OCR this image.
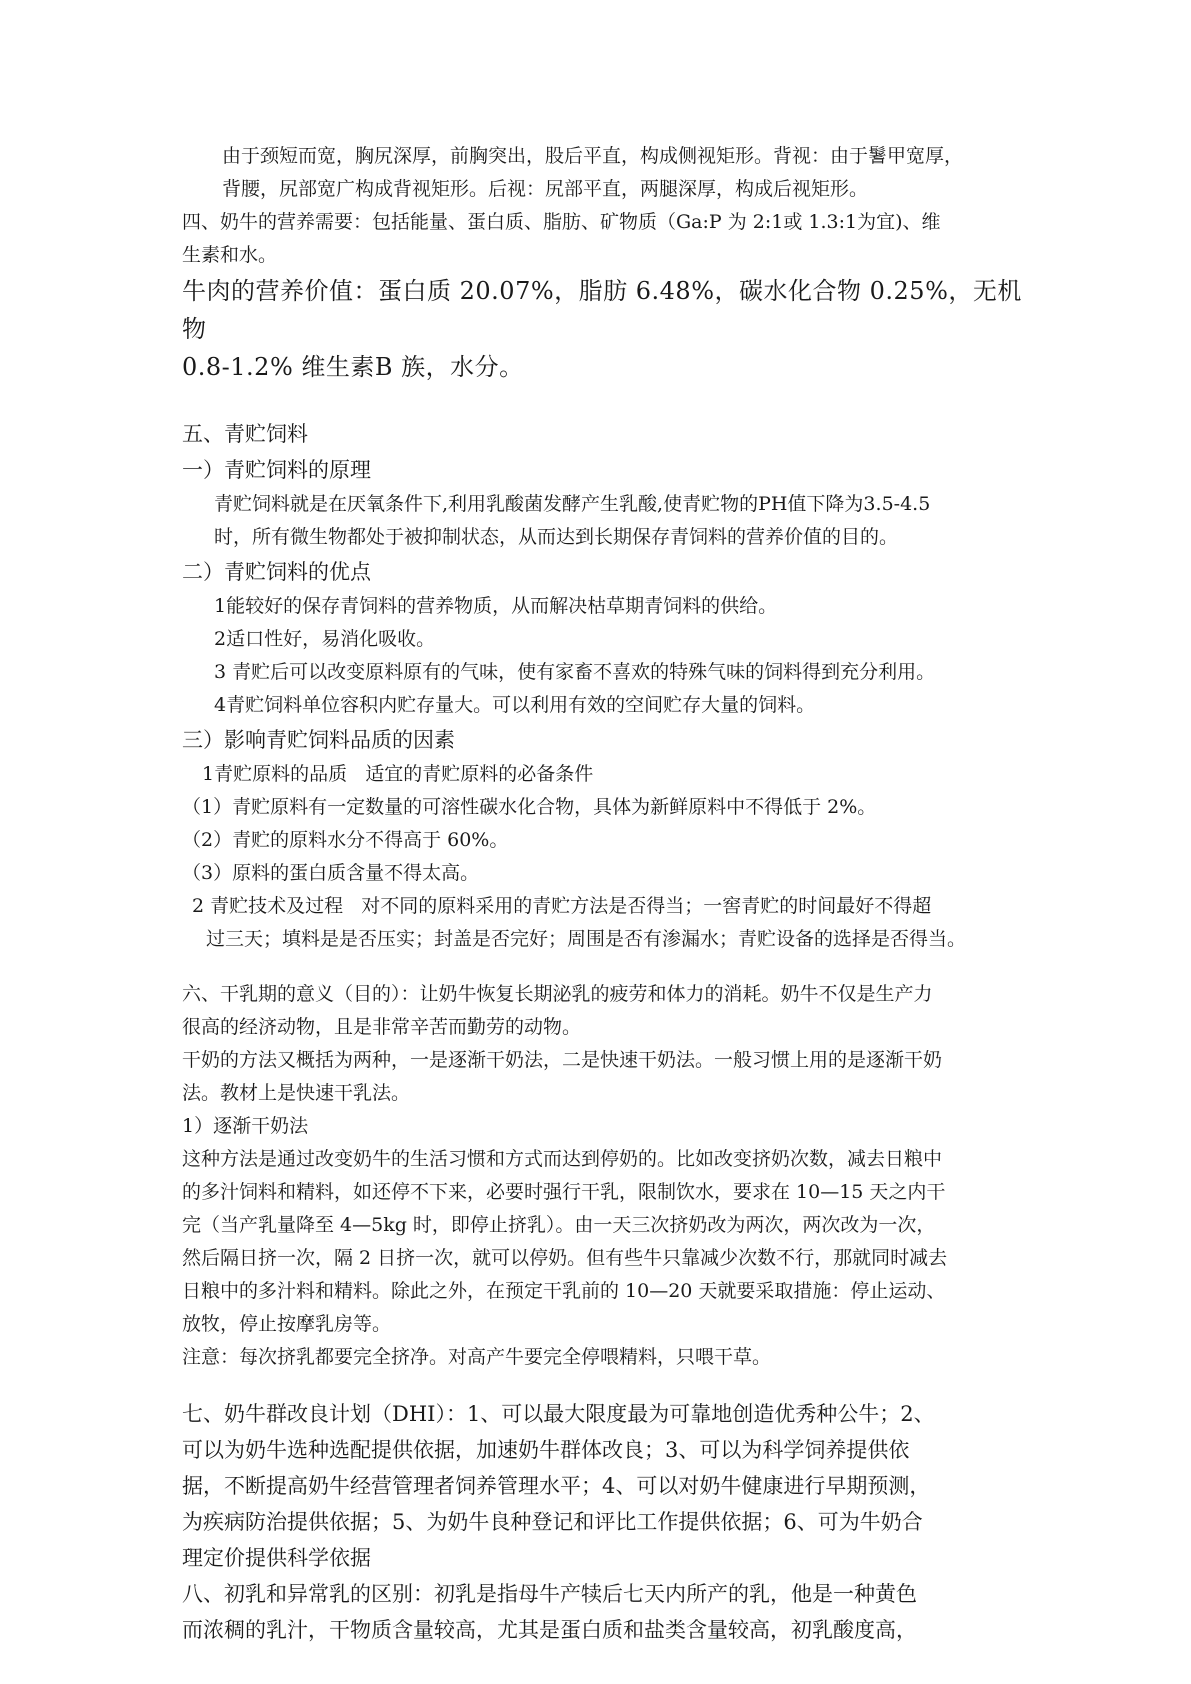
由于颈短而宽，胸尻深厚，前胸突出，股后平直，构成侧视矩形。背视：由于鬐甲宽厚，

背腰，尻部宽广构成背视矩形。后视：尻部平直，两腿深厚，构成后视矩形。

四、奶牛的营养需要：包括能量、蛋白质、脂肪、矿物质（Ga:P 为 2:1或 1.3:1为宜)、维

生素和水。

牛肉的营养价值：蛋白质 20.07%，脂肪 6.48%，碳水化合物 0.25%，无机物

0.8-1.2% 维生素B 族，水分。

五、青贮饲料

一）青贮饲料的原理

青贮饲料就是在厌氧条件下,利用乳酸菌发酵产生乳酸,使青贮物的PH值下降为3.5-4.5

时，所有微生物都处于被抑制状态，从而达到长期保存青饲料的营养价值的目的。

二）青贮饲料的优点

1能较好的保存青饲料的营养物质，从而解决枯草期青饲料的供给。

2适口性好，易消化吸收。

3 青贮后可以改变原料原有的气味，使有家畜不喜欢的特殊气味的饲料得到充分利用。

4青贮饲料单位容积内贮存量大。可以利用有效的空间贮存大量的饲料。

三）影响青贮饲料品质的因素

1青贮原料的品质   适宜的青贮原料的必备条件

（1）青贮原料有一定数量的可溶性碳水化合物，具体为新鲜原料中不得低于 2%。

（2）青贮的原料水分不得高于 60%。

（3）原料的蛋白质含量不得太高。

2 青贮技术及过程   对不同的原料采用的青贮方法是否得当；一窖青贮的时间最好不得超

过三天；填料是是否压实；封盖是否完好；周围是否有渗漏水；青贮设备的选择是否得当。

六、干乳期的意义（目的）：让奶牛恢复长期泌乳的疲劳和体力的消耗。奶牛不仅是生产力

很高的经济动物，且是非常辛苦而勤劳的动物。

干奶的方法又概括为两种，一是逐渐干奶法，二是快速干奶法。一般习惯上用的是逐渐干奶

法。教材上是快速干乳法。

1）逐渐干奶法

这种方法是通过改变奶牛的生活习惯和方式而达到停奶的。比如改变挤奶次数，减去日粮中

的多汁饲料和精料，如还停不下来，必要时强行干乳，限制饮水，要求在 10—15 天之内干

完（当产乳量降至 4—5kg 时，即停止挤乳）。由一天三次挤奶改为两次，两次改为一次，

然后隔日挤一次，隔 2 日挤一次，就可以停奶。但有些牛只靠减少次数不行，那就同时减去

日粮中的多汁料和精料。除此之外，在预定干乳前的 10—20 天就要采取措施：停止运动、

放牧，停止按摩乳房等。

注意：每次挤乳都要完全挤净。对高产牛要完全停喂精料，只喂干草。

七、奶牛群改良计划（DHI）：1、可以最大限度最为可靠地创造优秀种公牛；2、

可以为奶牛选种选配提供依据，加速奶牛群体改良；3、可以为科学饲养提供依

据，不断提高奶牛经营管理者饲养管理水平；4、可以对奶牛健康进行早期预测，

为疾病防治提供依据；5、为奶牛良种登记和评比工作提供依据；6、可为牛奶合

理定价提供科学依据

八、初乳和异常乳的区别：初乳是指母牛产犊后七天内所产的乳，他是一种黄色

而浓稠的乳汁，干物质含量较高，尤其是蛋白质和盐类含量较高，初乳酸度高，
